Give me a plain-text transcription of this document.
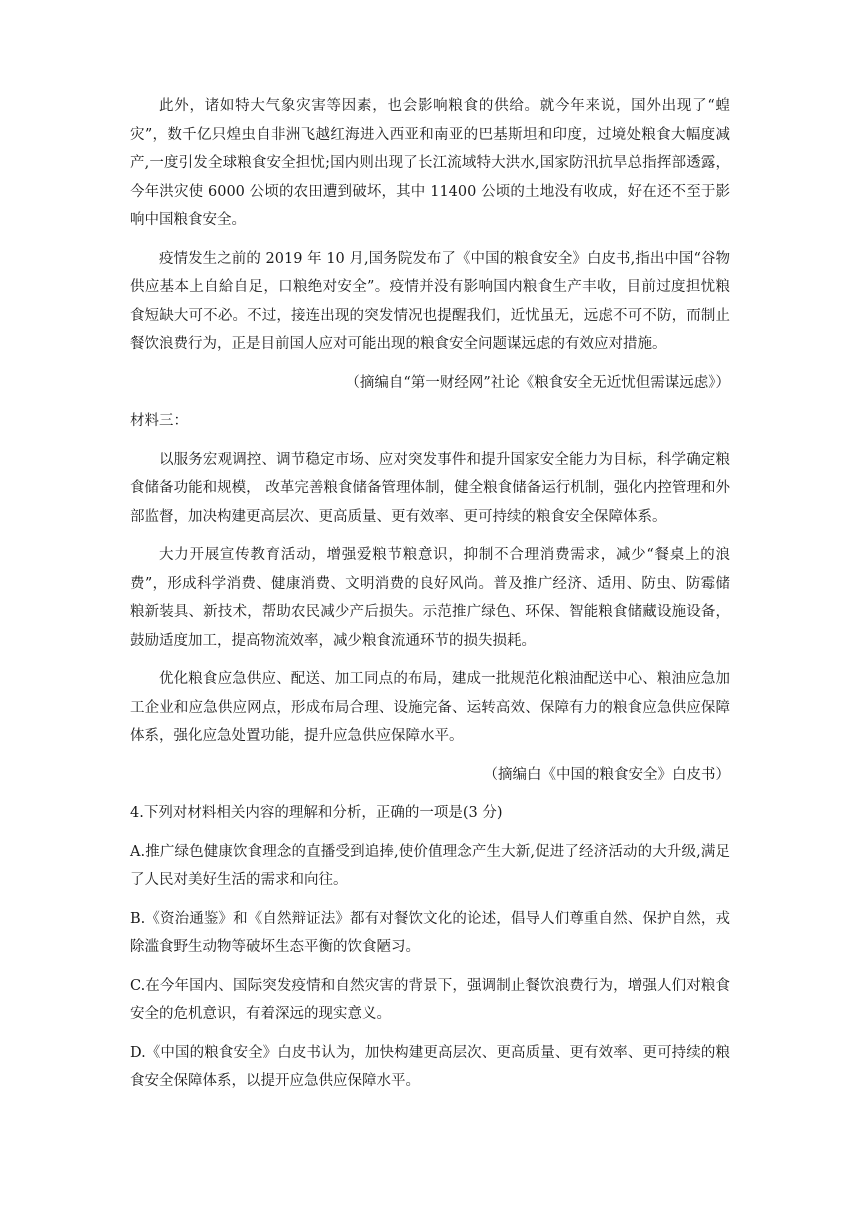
此外，诸如特大气象灾害等因素，也会影响粮食的供给。就今年来说，国外出现了“蝗灾”，数千亿只煌虫自非洲飞越红海进入西亚和南亚的巴基斯坦和印度，过境处粮食大幅度减产,一度引发全球粮食安全担忧;国内则出现了长江流域特大洪水,国家防汛抗旱总指挥部透露，今年洪灾使 6000 公顷的农田遭到破坏，其中 11400 公顷的土地没有收成，好在还不至于影响中国粮食安全。

疫情发生之前的 2019 年 10 月,国务院发布了《中国的粮食安全》白皮书,指出中国“谷物供应基本上自給自足，口粮绝对安全”。疫情并没有影响国内粮食生产丰收，目前过度担忧粮食短缺大可不必。不过，接连出现的突发情况也提醒我们，近忧虽无，远虑不可不防，而制止餐饮浪费行为，正是目前国人应对可能出现的粮食安全问题谋远虑的有效应对措施。

（摘编自“第一财经网”社论《粮食安全无近忧但需谋远虑》）

材料三：

以服务宏观调控、调节稳定市场、应对突发事件和提升国家安全能力为目标，科学确定粮食储备功能和规模， 改革完善粮食储备管理体制，健全粮食储备运行机制，强化内控管理和外部监督，加决构建更高层次、更高质量、更有效率、更可持续的粮食安全保障体系。

大力开展宣传教育活动，增强爱粮节粮意识，抑制不合理消费需求，减少“餐桌上的浪费”，形成科学消费、健康消费、文明消费的良好风尚。普及推广经济、适用、防虫、防霉储粮新装具、新技术，帮助农民减少产后损失。示范推广绿色、环保、智能粮食储藏设施设备，鼓励适度加工，提高物流效率，减少粮食流通环节的损失损耗。

优化粮食应急供应、配送、加工同点的布局，建成一批规范化粮油配送中心、粮油应急加工企业和应急供应网点，形成布局合理、设施完备、运转高效、保障有力的粮食应急供应保障体系，强化应急处置功能，提升应急供应保障水平。

（摘编白《中国的粮食安全》白皮书）

4.下列对材料相关内容的理解和分析，正确的一项是(3 分)

A.推广绿色健康饮食理念的直播受到追捧,使价值理念产生大新,促进了经济活动的大升级,满足了人民对美好生活的需求和向往。

B.《资治通鉴》和《自然辩证法》都有对餐饮文化的论述，倡导人们尊重自然、保护自然，戎除滥食野生动物等破坏生态平衡的饮食陋习。

C.在今年国内、国际突发疫情和自然灾害的背景下，强调制止餐饮浪费行为，增强人们对粮食安全的危机意识，有着深远的现实意义。

D.《中国的粮食安全》白皮书认为，加快构建更高层次、更高质量、更有效率、更可持续的粮食安全保障体系，以提开应急供应保障水平。
